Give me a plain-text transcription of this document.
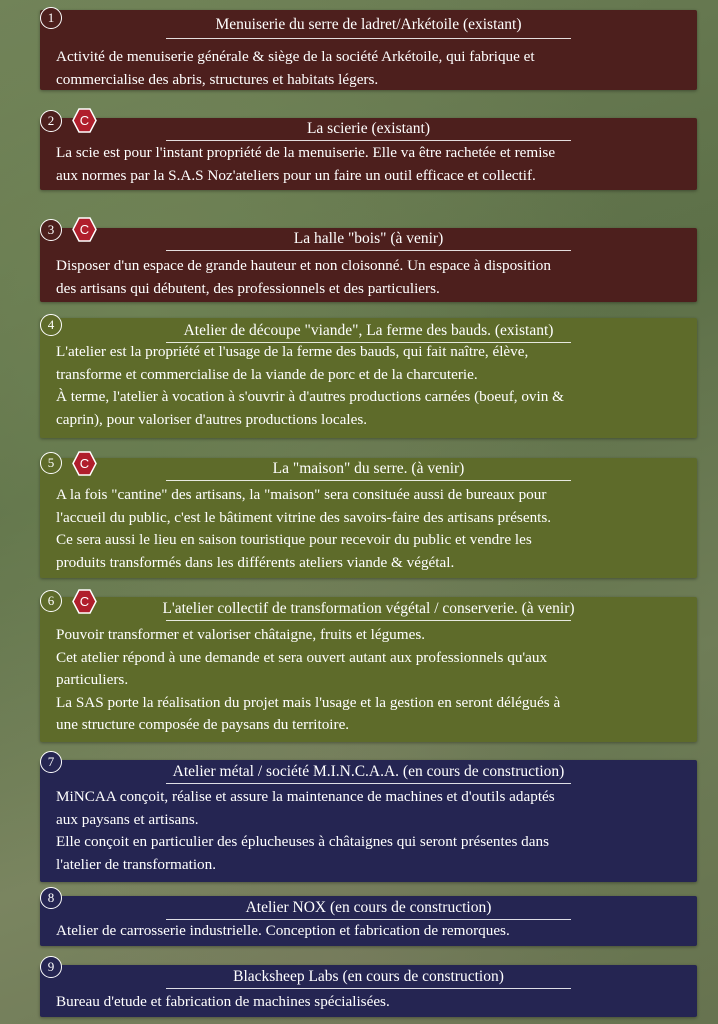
Menuiserie du serre de ladret/Arkétoile (existant)
Activité de menuiserie générale & siège de la société Arkétoile, qui fabrique et
commercialise des abris, structures et habitats légers.
1
La scierie (existant)
La scie est pour l'instant propriété de la menuiserie. Elle va être rachetée et remise
aux normes par la S.A.S Noz'ateliers pour un faire un outil efficace et collectif.
2	C
La halle "bois" (à venir)
Disposer d'un espace de grande hauteur et non cloisonné. Un espace à disposition
des artisans qui débutent, des professionnels et des particuliers.
3	C
Atelier de découpe "viande", La ferme des bauds. (existant)
L'atelier est la propriété et l'usage de la ferme des bauds, qui fait naître, élève,
transforme et commercialise de la viande de porc et de la charcuterie.
À terme, l'atelier à vocation à s'ouvrir à d'autres productions carnées (boeuf, ovin &
caprin), pour valoriser d'autres productions locales.
4
La "maison" du serre. (à venir)
A la fois "cantine" des artisans, la "maison" sera consituée aussi de bureaux pour
l'accueil du public, c'est le bâtiment vitrine des savoirs-faire des artisans présents.
Ce sera aussi le lieu en saison touristique pour recevoir du public et vendre les
produits transformés dans les différents ateliers viande & végétal.
5	C
L'atelier collectif de transformation végétal / conserverie. (à venir)
Pouvoir transformer et valoriser châtaigne, fruits et légumes.
Cet atelier répond à une demande et sera ouvert autant aux professionnels qu'aux
particuliers.
La SAS porte la réalisation du projet mais l'usage et la gestion en seront délégués à
une structure composée de paysans du territoire.
6	C
Atelier métal / société M.I.N.C.A.A. (en cours de construction)
MiNCAA conçoit, réalise et assure la maintenance de machines et d'outils adaptés
aux paysans et artisans.
Elle conçoit en particulier des éplucheuses à châtaignes qui seront présentes dans
l'atelier de transformation.
7
Atelier NOX (en cours de construction)
Atelier de carrosserie industrielle. Conception et fabrication de remorques.
8
Blacksheep Labs (en cours de construction)
Bureau d'etude et fabrication de machines spécialisées.
9
